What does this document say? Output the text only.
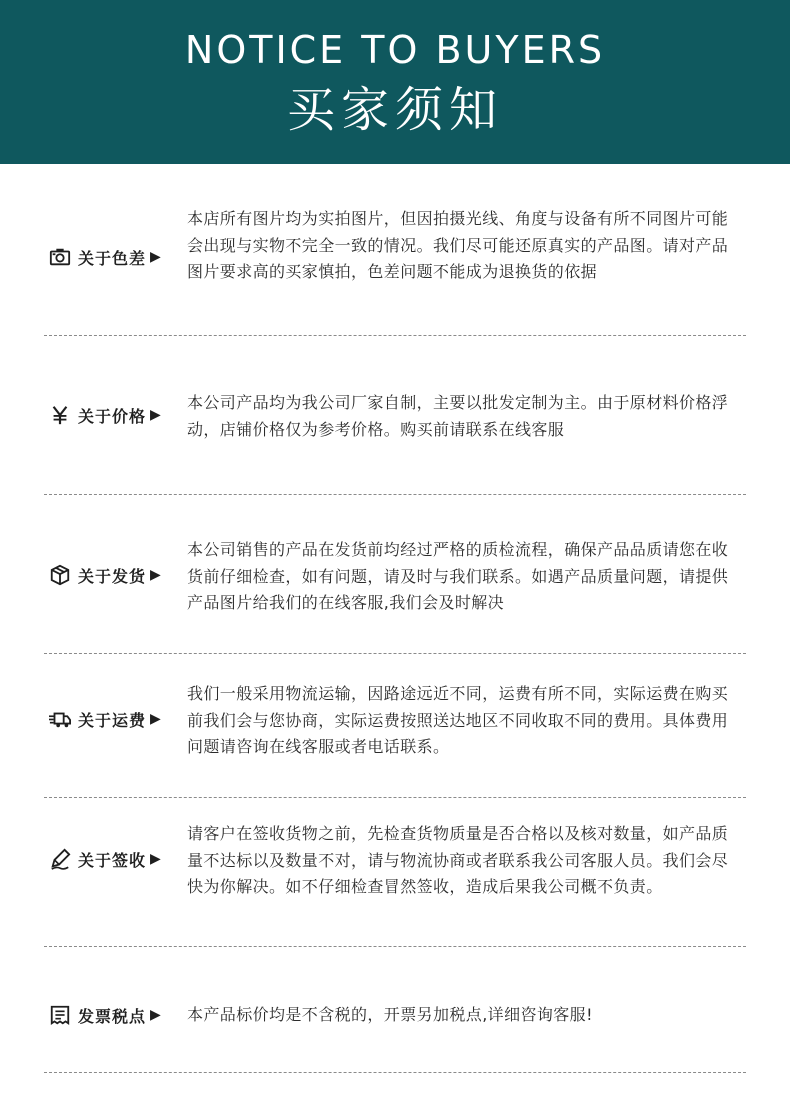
NOTICE TO BUYERS
买家须知
关于色差 ▶
本店所有图片均为实拍图片，但因拍摄光线、角度与设备有所不同图片可能会出现与实物不完全一致的情况。我们尽可能还原真实的产品图。请对产品图片要求高的买家慎拍，色差问题不能成为退换货的依据
关于价格 ▶
本公司产品均为我公司厂家自制，主要以批发定制为主。由于原材料价格浮动，店铺价格仅为参考价格。购买前请联系在线客服
关于发货 ▶
本公司销售的产品在发货前均经过严格的质检流程，确保产品品质请您在收货前仔细检查，如有问题，请及时与我们联系。如遇产品质量问题，请提供产品图片给我们的在线客服,我们会及时解决
关于运费 ▶
我们一般采用物流运输，因路途远近不同，运费有所不同，实际运费在购买前我们会与您协商，实际运费按照送达地区不同收取不同的费用。具体费用问题请咨询在线客服或者电话联系。
关于签收 ▶
请客户在签收货物之前，先检查货物质量是否合格以及核对数量，如产品质量不达标以及数量不对，请与物流协商或者联系我公司客服人员。我们会尽快为你解决。如不仔细检查冒然签收，造成后果我公司概不负责。
发票税点 ▶ 本产品标价均是不含税的，开票另加税点,详细咨询客服!
